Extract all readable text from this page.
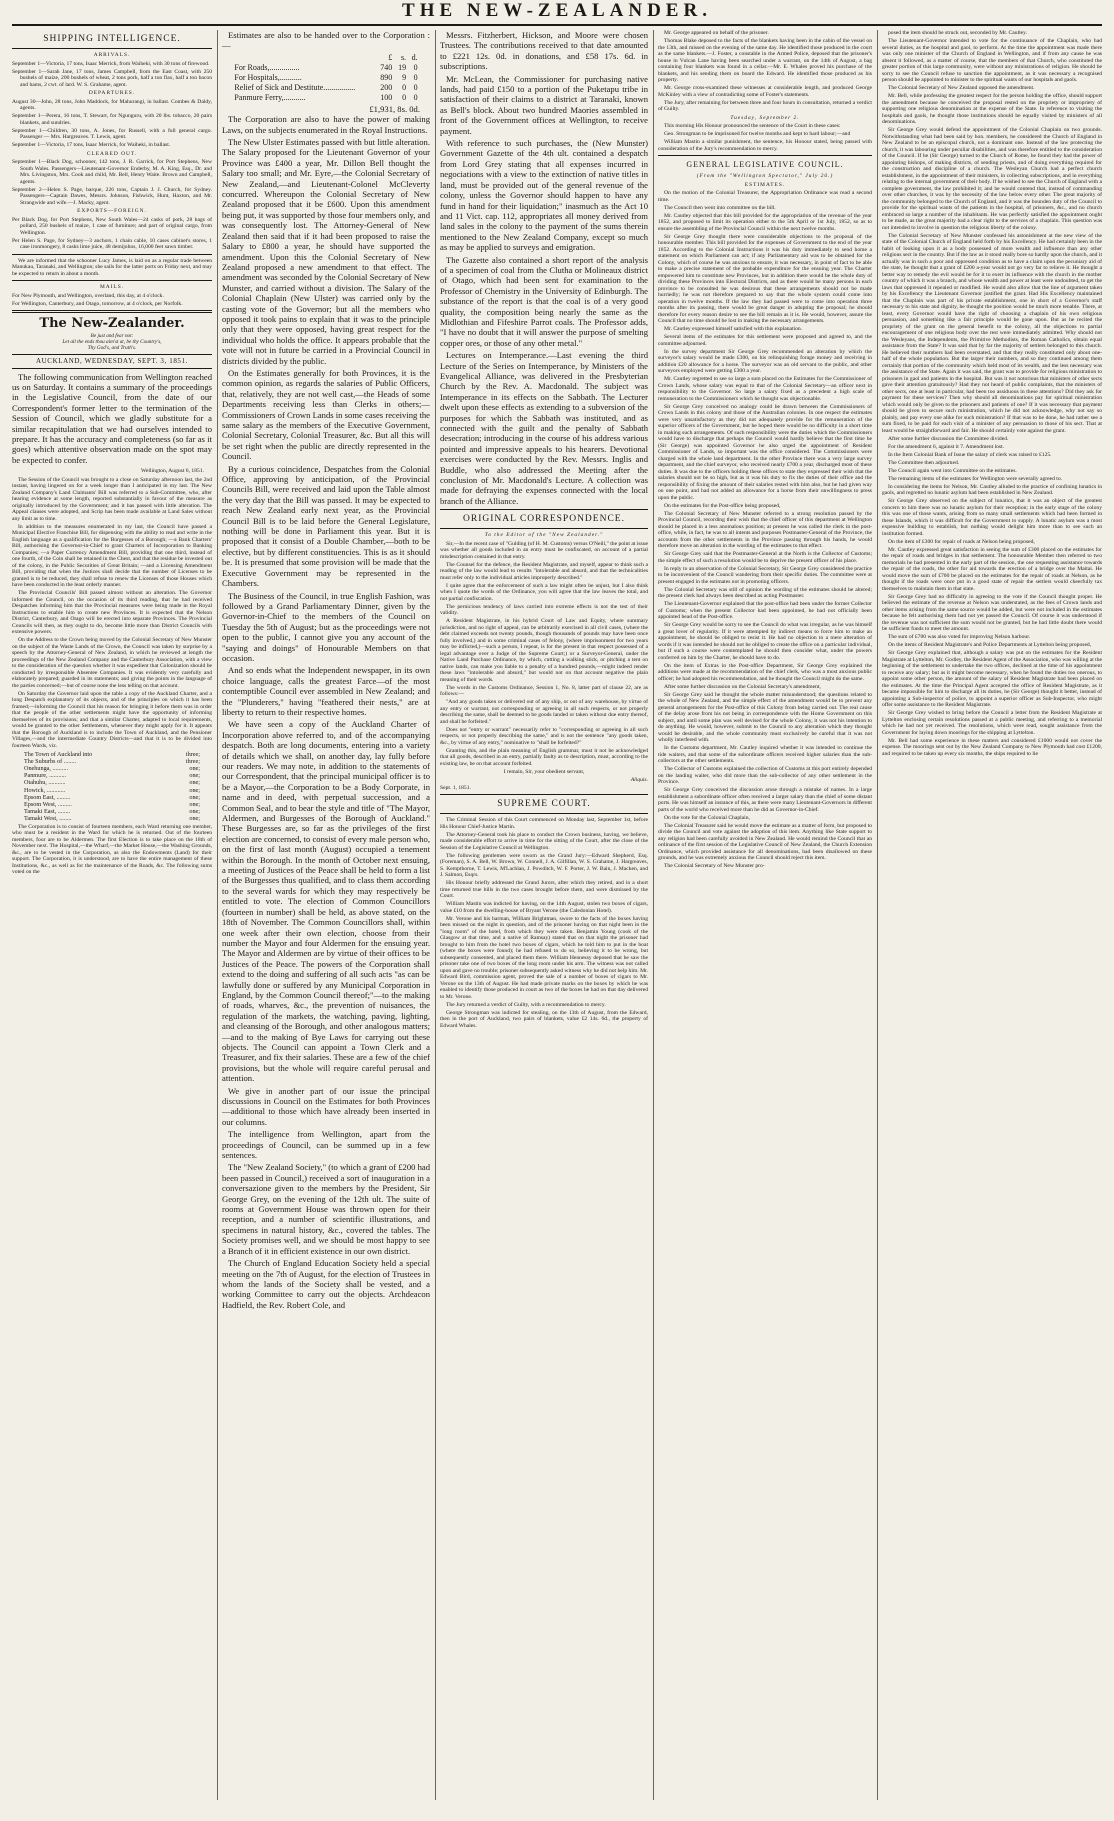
THE NEW-ZEALANDER.
SHIPPING INTELLIGENCE.
ARRIVALS.

September 1—Victoria, 17 tons, Isaac Merrick, from Waiheki, with 30 tons of firewood.

September 1—Sarah Jane, 17 tons, James Campbell, from the East Coast, with 250 bushels of maize, 200 bushels of wheat, 2 tons pork, half a ton flax, half a ton bacon and hams, 2 cwt. of lard. W. S. Grahame, agent.

DEPARTURES.

August 30—John, 28 tons, John Maddock, for Mahurangi, in ballast. Combes & Daldy, agents.

September 1—Perera, 16 tons, T. Stewart, for Ngunguru, with 20 lbs. tobacco, 20 pairs blankets, and sundries.

September 1—Children, 30 tons, A. Jones, for Russell, with a full general cargo. Passenger — Mrs. Hargreaves. T. Lewis, agent.

September 1—Victoria, 17 tons, Isaac Merrick, for Waiheki, in ballast.

CLEARED OUT.

September 1—Black Dog, schooner, 142 tons, J. R. Garrick, for Port Stephens, New South Wales. Passengers—Lieutenant-Governor Enderby, M. A. King, Esq., Dr. and Mrs. Livingston, Mrs. Cook and child, Mr. Bell, Henry Waite. Brown and Campbell, agents.

September 2—Helen S. Page, barque, 226 tons, Captain J. J. Church, for Sydney. Passengers—Captain Dawes, Messrs. Johnson, Fishwick, Hunt, Haxton, and Mr. Strangwide and wife.—J. Macky, agent.

EXPORTS—FOREIGN.

Per Black Dog, for Port Stephens, New South Wales—24 casks of pork, 28 bags of pollard, 250 bushels of maize, 1 case of furniture; and part of original cargo, from Wellington.

Per Helen S. Page, for Sydney—3 anchors, 1 chain cable, 10 cases cabinet's stores, 1 case ironmongery, 8 casks lime juice, 48 demijohns, 16,000 feet sawn timber.

We are informed that the schooner Lucy James, is laid on as a regular trade between Manukau, Taranaki, and Wellington; she sails for the latter ports on Friday next, and may be expected to return in about a month.

MAILS.

For New Plymouth, and Wellington, overland, this day, at 4 o'clock.

For Wellington, Canterbury, and Otago, tomorrow, at 4 o'clock, per Norfolk.

The New-Zealander.
Be just and fear not:
Let all the ends thou aim'st at, be thy Country's,
Thy God's, and Truth's.
AUCKLAND, WEDNESDAY, SEPT. 3, 1851.

The following communication from Wellington reached us on Saturday. It contains a summary of the proceedings in the Legislative Council, from the date of our Correspondent's former letter to the termination of the Session of Council, which we gladly substitute for a similar recapitulation that we had ourselves intended to prepare. It has the accuracy and completeness (so far as it goes) which attentive observation made on the spot may be expected to confer.

Wellington, August 6, 1851.

The Session of the Council was brought to a close on Saturday afternoon last, the 2nd instant, having lingered on for a week longer than I anticipated in my last. The New Zealand Company's Land Claimants' Bill was referred to a Sub-Committee, who, after hearing evidence at some length, reported substantially in favour of the measure as originally introduced by the Government; and it has passed with little alteration. The Appeal clauses were adopted, and Scrip has been made available at Land Sales without any limit as to time.

In addition to the measures enumerated in my last, the Council have passed a Municipal Elective Franchise Bill, for dispensing with the ability to read and write in the English language as a qualification for the Burgesses of a Borough; —a Bank Charters' Bill, authorising the Governor-in-Chief to grant Charters of Incorporation to Banking Companies; —a Paper Currency Amendment Bill, providing that one third, instead of one fourth, of the Coin shall be retained in the Chest, and that the residue be invested out of the colony, in the Public Securities of Great Britain; —and a Licensing Amendment Bill, providing that when the Justices shall decide that the number of Licenses to be granted is to be reduced, they shall refuse to renew the Licenses of those Houses which have been conducted in the least orderly manner.

The Provincial Councils' Bill passed almost without an alteration. The Governor informed the Council, on the occasion of its third reading, that he had received Despatches informing him that the Provincial measures were being made in the Royal Instructions to enable him to create new Provinces. It is expected that the Nelson District, Canterbury, and Otago will be erected into separate Provinces. The Provincial Councils will then, as they ought to do, become little more than District Councils with extensive powers.

On the Address to the Crown being moved by the Colonial Secretary of New Munster on the subject of the Waste Lands of the Crown, the Council was taken by surprise by a speech by the Attorney-General of New Zealand, in which he reviewed at length the proceedings of the New Zealand Company and the Canterbury Association, with a view to the consideration of the question whether it was expedient that Colonization should be conducted by irresponsible Absentee Companies. It was evidently very carefully and elaborately prepared; guarded in its statements; and giving the points in the language of the parties concerned;—but of course none the less telling on that account.

On Saturday the Governor laid upon the table a copy of the Auckland Charter, and a long Despatch explanatory of its objects, and of the principles on which it has been framed;—informing the Council that his reason for bringing it before them was in order that the people of the other settlements might have the opportunity of informing themselves of its provisions; and that a similar Charter, adapted to local requirements, would be granted to the other Settlements, whenever they might apply for it. It appears that the Borough of Auckland is to include the Town of Auckland, and the Pensioner Villages,—and the intermediate Country Districts—and that it is to be divided into fourteen Wards, viz.

The Town of Auckland into	three;
The Suburbs of ........	three;
Onehunga, ..........	one;
Panmure, ...........	one;
Otahuhu, ...........	one;
Howick, ............	one;
Epsom East, .........	one;
Epsom West, .........	one;
Tamaki East, ........	one;
Tamaki West, ........	one;

The Corporation is to consist of fourteen members, each Ward returning one member, who must be a resident in the Ward for which he is returned. Out of the fourteen members, four are to be Aldermen. The first Election is to take place on the 18th of November next. The Hospital,—the Wharf,—the Market House,—the Washing Grounds, &c., are to be vested in the Corporation, as also the Endowments (Land) for their support. The Corporation, it is understood, are to have the entire management of these Institutions, &c., as well as for the maintenance of the Roads, &c. The following sums voted on the

Estimates are also to be handed over to the Corporation :—

	£	s.	d.
For Roads,...............	740	19	0
For Hospitals,...........	890	9	0
Relief of Sick and Destitute................	200	0	0
Panmure Ferry,...........	100	0	0
£1,931, 8s. 0d.

The Corporation are also to have the power of making Laws, on the subjects enumerated in the Royal Instructions.

The New Ulster Estimates passed with but little alteration. The Salary proposed for the Lieutenant Governor of your Province was £400 a year, Mr. Dillon Bell thought the Salary too small; and Mr. Eyre,—the Colonial Secretary of New Zealand,—and Lieutenant-Colonel McCleverty concurred. Whereupon the Colonial Secretary of New Zealand proposed that it be £600. Upon this amendment being put, it was supported by those four members only, and was consequently lost. The Attorney-General of New Zealand then said that if it had been proposed to raise the Salary to £800 a year, he should have supported the amendment. Upon this the Colonial Secretary of New Zealand proposed a new amendment to that effect. The amendment was seconded by the Colonial Secretary of New Munster, and carried without a division. The Salary of the Colonial Chaplain (New Ulster) was carried only by the casting vote of the Governor; but all the members who opposed it took pains to explain that it was to the principle only that they were opposed, having great respect for the individual who holds the office. It appears probable that the vote will not in future be carried in a Provincial Council in districts divided by the public.

On the Estimates generally for both Provinces, it is the common opinion, as regards the salaries of Public Officers, that, relatively, they are not well cast,—the Heads of some Departments receiving less than Clerks in others;—Commissioners of Crown Lands in some cases receiving the same salary as the members of the Executive Government, Colonial Secretary, Colonial Treasurer, &c. But all this will be set right when the public are directly represented in the Council.

By a curious coincidence, Despatches from the Colonial Office, approving by anticipation, of the Provincial Councils Bill, were received and laid upon the Table almost the very day that the Bill was passed. It may be expected to reach New Zealand early next year, as the Provincial Council Bill is to be laid before the General Legislature, nothing will be done in Parliament this year. But it is proposed that it consist of a Double Chamber,—both to be elective, but by different constituencies. This is as it should be. It is presumed that some provision will be made that the Executive Government may be represented in the Chambers.

The Business of the Council, in true English Fashion, was followed by a Grand Parliamentary Dinner, given by the Governor-in-Chief to the members of the Council on Tuesday the 5th of August; but as the proceedings were not open to the public, I cannot give you any account of the "saying and doings" of Honourable Members on that occasion.

And so ends what the Independent newspaper, in its own choice language, calls the greatest Farce—of the most contemptible Council ever assembled in New Zealand; and the "Plunderers," having "feathered their nests," are at liberty to return to their respective homes.

We have seen a copy of the Auckland Charter of Incorporation above referred to, and of the accompanying despatch. Both are long documents, entering into a variety of details which we shall, on another day, lay fully before our readers. We may note, in addition to the statements of our Correspondent, that the principal municipal officer is to be a Mayor,—the Corporation to be a Body Corporate, in name and in deed, with perpetual succession, and a Common Seal, and to bear the style and title of "The Mayor, Aldermen, and Burgesses of the Borough of Auckland." These Burgesses are, so far as the privileges of the first election are concerned, to consist of every male person who, on the first of last month (August) occupied a tenement within the Borough. In the month of October next ensuing, a meeting of Justices of the Peace shall be held to form a list of the Burgesses thus qualified, and to class them according to the several wards for which they may respectively be entitled to vote. The election of Common Councillors (fourteen in number) shall be held, as above stated, on the 18th of November. The Common Councillors shall, within one week after their own election, choose from their number the Mayor and four Aldermen for the ensuing year. The Mayor and Aldermen are by virtue of their offices to be Justices of the Peace. The powers of the Corporation shall extend to the doing and suffering of all such acts "as can be lawfully done or suffered by any Municipal Corporation in England, by the Common Council thereof;"—to the making of roads, wharves, &c., the prevention of nuisances, the regulation of the markets, the watching, paving, lighting, and cleansing of the Borough, and other analogous matters;—and to the making of Bye Laws for carrying out these objects. The Council can appoint a Town Clerk and a Treasurer, and fix their salaries. These are a few of the chief provisions, but the whole will require careful perusal and attention.

We give in another part of our issue the principal discussions in Council on the Estimates for both Provinces—additional to those which have already been inserted in our columns.

The intelligence from Wellington, apart from the proceedings of Council, can be summed up in a few sentences.

The "New Zealand Society," (to which a grant of £200 had been passed in Council,) received a sort of inauguration in a conversazione given to the members by the President, Sir George Grey, on the evening of the 12th ult. The suite of rooms at Government House was thrown open for their reception, and a number of scientific illustrations, and specimens in natural history, &c., covered the tables. The Society promises well, and we should be most happy to see a Branch of it in efficient existence in our own district.

The Church of England Education Society held a special meeting on the 7th of August, for the election of Trustees in whom the lands of the Society shall be vested, and a working Committee to carry out the objects. Archdeacon Hadfield, the Rev. Robert Cole, and

Messrs. Fitzherbert, Hickson, and Moore were chosen Trustees. The contributions received to that date amounted to £221 12s. 0d. in donations, and £58 17s. 6d. in subscriptions.

Mr. McLean, the Commissioner for purchasing native lands, had paid £150 to a portion of the Puketapu tribe in satisfaction of their claims to a district at Taranaki, known as Bell's block. About two hundred Maories assembled in front of the Government offices at Wellington, to receive payment.

With reference to such purchases, the (New Munster) Government Gazette of the 4th ult. contained a despatch from Lord Grey stating that all expenses incurred in negociations with a view to the extinction of native titles in land, must be provided out of the general revenue of the colony, unless the Governor should happen to have any fund in hand for their liquidation;" inasmuch as the Act 10 and 11 Vict. cap. 112, appropriates all money derived from land sales in the colony to the payment of the sums therein mentioned to the New Zealand Company, except so much as may be applied to surveys and emigration.

The Gazette also contained a short report of the analysis of a specimen of coal from the Clutha or Molineaux district of Otago, which had been sent for examination to the Professor of Chemistry in the University of Edinburgh. The substance of the report is that the coal is of a very good quality, the composition being nearly the same as the Midlothian and Fifeshire Parrot coals. The Professor adds, "I have no doubt that it will answer the purpose of smelting copper ores, or those of any other metal."

Lectures on Intemperance.—Last evening the third Lecture of the Series on Intemperance, by Ministers of the Evangelical Alliance, was delivered in the Presbyterian Church by the Rev. A. Macdonald. The subject was Intemperance in its effects on the Sabbath. The Lecturer dwelt upon these effects as extending to a subversion of the purposes for which the Sabbath was instituted, and as connected with the guilt and the penalty of Sabbath desecration; introducing in the course of his address various pointed and impressive appeals to his hearers. Devotional exercises were conducted by the Rev. Messrs. Inglis and Buddle, who also addressed the Meeting after the conclusion of Mr. Macdonald's Lecture. A collection was made for defraying the expenses connected with the local branch of the Alliance.

ORIGINAL CORRESPONDENCE.
To the Editor of the "New Zealander."

Sir,—In the recent case of "Gulding (of H. M. Customs) versus O'Neill," the point at issue was whether all goods included in an entry must be confiscated, on account of a partial misdescription contained in that entry.

The Counsel for the defence, the Resident Magistrate, and myself, appear to think such a reading of the law would lead to results "intolerable and absurd, and that the technicalities must refer only to the individual articles improperly described."

I quite agree that the enforcement of such a law might often be unjust, but I also think when I quote the words of the Ordinance, you will agree that the law leaves the total, and not partial confiscation.

The pernicious tendency of laws carried into extreme effects is not the test of their validity.

A Resident Magistrate, in his hybrid Court of Law and Equity, where summary jurisdiction, and no right of appeal, can be arbitrarily exercised in all civil cases, (where the debt claimed exceeds not twenty pounds, though thousands of pounds may have been once fully involved,) and in some criminal cases of felony, (where imprisonment for two years may be inflicted,)—such a person, I repeat, is for the present in that respect possessed of a legal advantage over a Judge of the Supreme Court;) or a Surveyor-General, under the Native Land Purchase Ordinance, by which, cutting a walking stick, or pitching a tent on native lands, can make you liable to a penalty of a hundred pounds,—might indeed render these laws "intolerable and absurd," but would not on that account negative the plain meaning of their words.

The words in the Customs Ordinance, Session 1, No. 8, latter part of clause 22, are as follows:—

"And any goods taken or delivered out of any ship, or out of any warehouse, by virtue of any entry or warrant, not corresponding or agreeing in all such respects, or not properly describing the same, shall be deemed to be goods landed or taken without due entry thereof, and shall be forfeited."

Does not "entry or warrant" necessarily refer to "corresponding or agreeing in all such respects, or not properly describing the same," and is not the sentence "any goods taken, &c., by virtue of any entry," nominative to "shall be forfeited?"

Granting this, and the plain meaning of English grammar, must it not be acknowledged that all goods, described in an entry, partially faulty as to description, must, according to the existing law, be on that account forfeited.

I remain, Sir, your obedient servant,

Aliquis.

Sept. 1, 1851.

SUPREME COURT.

The Criminal Session of this Court commenced on Monday last, September 1st, before His Honour Chief-Justice Martin.

The Attorney-General took his place to conduct the Crown business, having, we believe, made considerable effort to arrive in time for the sitting of the Court, after the close of the Session of the Legislative Council at Wellington.

The following gentlemen were sworn as the Grand Jury:—Edward Shepherd, Esq. (Foreman), S. A. Bell, W. Brown, W. Connell, J. A. Gilfillan, W. S. Grahame, J. Hargreaves, S. Kempthorne, T. Lewis, M'Lachlan, J. Powditch, W. F. Porter, J. W. Bain, J. Macken, and J. Salmon, Esqrs.

His Honour briefly addressed the Grand Jurors, after which they retired, and in a short time returned true bills in the two cases brought before them, and were dismissed by the Court.

William Mastin was indicted for having, on the 14th August, stolen two boxes of cigars, value £10 from the dwelling-house of Bryant Verone (the Caledonian Hotel).

Mr. Verone and his barman, William Brightman, swore to the facts of the boxes having been missed on the night in question, and of the prisoner having on that night been in the "long room" of the hotel, from which they were taken. Benjamin Young (cook of the Glasgow at that time, and a native of Ramsay) stated that on that night the prisoner had brought to him from the hotel two boxes of cigars, which he told him to put in the boat (where the boxes were found); he had refused to do so, believing it to be wrong, but subsequently consented, and placed them there. William Hennessy deposed that he saw the prisoner take one of two boxes of the long room under his arm. The witness was not called upon and gave no trouble; prisoner subsequently asked witness why he did not help him. Mr. Edward Bird, commission agent, proved the sale of a number of boxes of cigars to Mr. Verone on the 13th of August. He had made private marks on the boxes by which he was enabled to identify those produced in court as two of the boxes he had on that day delivered to Mr. Verone.

The Jury returned a verdict of Guilty, with a recommendation to mercy.

George Strongman was indicted for stealing, on the 13th of August, from the Edward, then in the port of Auckland, two pairs of blankets, value £2 14s. 6d., the property of Edward Whales.

Mr. George appeared on behalf of the prisoner.

Thomas Blake deposed to the facts of the blankets having been in the cabin of the vessel on the 13th, and missed on the evening of the same day. He identified those produced in the court as the same blankets.—J. Foster, a constable in the Armed Police, deposed that the prisoner's house in Vulcan Lane having been searched under a warrant, on the 14th of August, a bag containing four blankets was found in a cellar.—Mr. E. Whales proved his purchase of the blankets, and his sending them on board the Edward. He identified those produced as his property.

Mr. George cross-examined these witnesses at considerable length, and produced George McKinley with a view of contradicting some of Foster's statements.

The Jury, after remaining for between three and four hours in consultation, returned a verdict of Guilty.

Tuesday, September 2.

This morning His Honour pronounced the sentence of the Court in these cases:

Geo. Strongman to be imprisoned for twelve months and kept to hard labour;—and

William Mastin a similar punishment, the sentence, his Honour stated, being passed with consideration of the Jury's recommendation to mercy.

GENERAL LEGISLATIVE COUNCIL.
(From the "Wellington Spectator," July 26.)
ESTIMATES.

On the motion of the Colonial Treasurer, the Appropriation Ordinance was read a second time.

The Council then went into committee on the bill.

Mr. Cautley objected that this bill provided for the appropriation of the revenue of the year 1852, and proposed to limit its operation either to the 5th April or 1st July, 1852, so as to ensure the assembling of the Provincial Council within the next twelve months.

Sir George Grey thought there were considerable objections to the proposal of the honourable member. This bill provided for the expenses of Government to the end of the year 1852. According to the Colonial Instructions it was his duty immediately to send home a statement on which Parliament can act; if any Parliamentary aid was to be obtained for the Colony, which of course he was anxious to ensure, it was necessary, in point of fact to be able to make a precise statement of the probable expenditure for the ensuing year. The Charter empowered him to constitute new Provinces, but in addition there would be the whole duty of dividing these Provinces into Electoral Districts, and as there would be many persons in each province to be consulted he was desirous that these arrangements should not be made hurriedly; he was not therefore prepared to say that the whole system could come into operation in twelve months. If the law they had passed were to come into operation three months after its passing, there would be great danger in adopting the proposal; he should therefore for every reason desire to see the bill remain as it is. He would, however, assure the Council that no time should be lost in making the necessary arrangements.

Mr. Cautley expressed himself satisfied with this explanation.

Several items of the estimates for this settlement were proposed and agreed to, and the committee adjourned.

In the survey department Sir George Grey recommended an alteration by which the surveyor's salary would be made £300, on his relinquishing forage money and receiving in addition £20 allowance for a horse. The surveyor was an old servant to the public, and other surveyors employed were getting £300 a year.

Mr. Cautley regretted to see so large a sum placed on the Estimates for the Commissioner of Crown Lands, whose salary was equal to that of the Colonial Secretary—an officer next in responsibility to the Governor. So large a salary fixed as a precedent a high scale of remuneration to the Commissioners which he thought was objectionable.

Sir George Grey conceived no analogy could be drawn between the Commissioners of Crown Lands in this colony and those of the Australian colonies. In one respect the estimates were very unsatisfactory as they did not adequately provide for the remuneration of the superior officers of the Government, but he hoped there would be no difficulty in a short time in making such arrangements. Of such responsibility were the duties which the Commissioners would have to discharge that perhaps the Council would hardly believe that the first time he (Sir George) was appointed Governor he also urged the appointment of Resident Commissioner of Lands, so important was the office considered. The Commissioners were charged with the whole land department. In the other Province there was a very large survey department, and the chief surveyor, who received nearly £700 a year, discharged most of these duties. It was due to the officers holding these offices to state they expressed their wish that the salaries should not be so high, but as it was his duty to fix the duties of their office and the responsibility of fixing the amount of their salaries rested with him also, but he had given way on one point, and had not added an allowance for a horse from their unwillingness to press upon the public.

On the estimates for the Post-office being proposed,

The Colonial Secretary of New Munster referred to a strong resolution passed by the Provincial Council, recording their wish that the chief officer of this department at Wellington should be placed in a less anomalous position; at present he was called the clerk in the post-office, while, in fact, he was to all intents and purposes Postmaster-General of the Province, the accounts from the other settlements in the Province passing through his hands, he would therefore move an alteration in the wording of the estimates to that effect.

Sir George Grey said that the Postmaster-General at the North is the Collector of Customs; the simple effect of such a resolution would be to deprive the present officer of his place.

In reply to an observation of the Colonial Secretary, Sir George Grey considered the practice to be inconvenient of the Council wandering from their specific duties. The committee were at present engaged in the estimates not in promoting officers.

The Colonial Secretary was still of opinion the wording of the estimates should be altered; the present clerk had always been described as acting Postmaster.

The Lieutenant-Governor explained that the post-office had been under the former Collector of Customs; when the present Collector had been appointed, he had not officially been appointed head of the Post-office.

Sir George Grey would be sorry to see the Council do what was irregular, as he was himself a great lover of regularity. If it were attempted by indirect means to force him to make an appointment, he should be obliged to resist it. He had no objection to a mere alteration of words if it was intended he should not be obliged to create the office on a particular individual, but if such a course were contemplated he should then consider what, under the powers conferred on him by the Charter, he should have to do.

On the item of Extras in the Post-office Department, Sir George Grey explained the additions were made at the recommendation of the chief clerk, who was a most anxious public officer; he had adopted his recommendation, and he thought the Council might do the same.

After some further discussion on the Colonial Secretary's amendment,

Sir George Grey said he thought the whole matter misunderstood; the questions related to the whole of New Zealand, and the simple effect of the amendment would be to prevent any general arrangements for the Post-office of this Colony from being carried out. The real cause of the delay arose from his not being in correspondence with the Home Government on this subject, and until some plan was well devised for the whole Colony, it was not his intention to do anything. He would, however, submit to the Council to any alteration which they thought would be desirable, and the whole community must exclusively be careful that it was not wholly interfered with.

In the Customs department, Mr. Cautley inquired whether it was intended to continue the tide waiters, and that some of the subordinate officers received higher salaries than the sub-collectors at the other settlements.

The Collector of Customs explained the collection of Customs at this port entirely depended on the landing waiter, who did more than the sub-collector of any other settlement in the Province.

Sir George Grey conceived the discussion arose through a mistake of names. In a large establishment a subordinate officer often received a larger salary than the chief of some distant ports. He was himself an instance of this, as there were many Lieutenant-Governors in different parts of the world who received more than he did as Governor-in-Chief.

On the vote for the Colonial Chaplain,

The Colonial Treasurer said he would move the estimate as a matter of form, but proposed to divide the Council and vote against the adoption of this item. Anything like State support to any religion had been carefully avoided in New Zealand. He would remind the Council that an ordinance of the first session of the Legislative Council of New Zealand, the Church Extension Ordinance, which provided assistance for all denominations, had been disallowed on these grounds, and he was extremely anxious the Council should reject this item.

The Colonial Secretary of New Munster pro-

posed the item should be struck out, seconded by Mr. Cautley.

The Lieutenant-Governor intended to vote for the continuance of the Chaplain, who had several duties, as the hospital and gaol, to perform. At the time the appointment was made there was only one minister of the Church of England in Wellington, and if from any cause he was absent it followed, as a matter of course, that the members of that Church, who constituted the greater portion of this large community, were without any ministrations of religion. He should be sorry to see the Council refuse to sanction the appointment, as it was necessary a recognised person should be appointed to minister to the spiritual wants of our hospitals and gaols.

The Colonial Secretary of New Zealand opposed the amendment.

Mr. Bell, while professing the greatest respect for the person holding the office, should support the amendment because he conceived the proposal rested on the propriety or impropriety of supporting one religious denomination at the expense of the State. In reference to visiting the hospitals and gaols, he thought those institutions should be equally visited by ministers of all denominations.

Sir George Grey would defend the appointment of the Colonial Chaplain on two grounds. Notwithstanding what had been said by hon. members, he considered the Church of England in New Zealand to be an episcopal church, not a dominant one. Instead of the law protecting the church, it was labouring under peculiar disabilities, and was therefore entitled to the consideration of the Council. If he (Sir George) turned to the Church of Rome, he found they had the power of appointing bishops, of making districts, of sending priests, and of doing everything required for the construction and discipline of a church. The Wesleyan Church had a perfect church establishment, in the appointment of their ministers, in collecting subscriptions, and in everything relating to the internal government of their body. If he wished to see the Church of England with a complete government, the law prohibited it; and he would contend that, instead of commanding over other churches, it was by the necessity of the law below every other. The great majority of the community belonged to the Church of England, and it was the bounden duty of the Council to provide for the spiritual wants of the patients in the hospital, of prisoners, &c., and no church embraced so large a number of the inhabitants. He was perfectly satisfied the appointment ought to be made, as the great majority had a clear right to the services of a chaplain. This question was not intended to involve in question the religious liberty of the colony.

The Colonial Secretary of New Munster confessed his astonishment at the new view of the state of the Colonial Church of England held forth by his Excellency. He had certainly been in the habit of looking upon it as a body possessed of more wealth and influence than any other religious sect in the country. But if the law as it stood really bore so hardly upon the church, and it actually was in such a poor and oppressed condition as to have a claim upon the pecuniary aid of the state, he thought that a grant of £200 a-year would not go very far to relieve it. He thought a better way to remedy the evil would be for it to exert its influence with the church in the mother country of which it was a branch, and whose wealth and power at least were undoubted, to get the laws that oppressed it repealed or modified. He would also allow that the line of argument taken by his Excellency the Lieutenant Governor justified the grant. Had His Excellency maintained that the Chaplain was part of his private establishment, one in short of a Governor's staff necessary to his state and dignity, he thought the position would be much more tenable. There, at least, every Governor would have the right of choosing a chaplain of his own religious persuasion, and something like a fair principle would be gone upon. But as he recited the propriety of the grant on the general benefit to the colony, all the objections to partial encouragement of one religious body over the rest were immediately admitted. Why should not the Wesleyans, the Independents, the Primitive Methodists, the Roman Catholics, obtain equal assistance from the State? It was said that by far the majority of settlers belonged to this church. He believed their numbers had been overstated, and that they really constituted only about one-half of the whole population. But the larger their numbers, and so they continued among them certainly that portion of the community which held most of its wealth, and the less necessary was the assistance of the State. Again it was said, the grant was to provide for religious ministration to prisoners in gaol and patients in the hospital. But was it not notorious that ministers of other sects gave their attention gratuitously? Had they not heard of public complaints, that the ministers of other sects, one at least in particular, had been too assiduous in these attentions? Did they ask for payment for these services? Then why should all denominations pay for spiritual ministration which would only be given to the prisoners and patients of one? If it was necessary that payment should be given to secure such ministration, which he did not acknowledge, why not say so plainly, and pay every one alike for such ministration? If that was to be done, he had rather see a sum fixed, to be paid for each visit of a minister of any persuasion to those of his sect. That at least would be straightforward and fair. He should certainly vote against the grant.

After some further discussion the Committee divided.

For the amendment 6, against it 7. Amendment lost.

In the Item Colonial Bank of Issue the salary of clerk was raised to £125.

The Committee then adjourned.

The Council again went into Committee on the estimates.

The remaining items of the estimates for Wellington were severally agreed to.

In considering the items for Nelson, Mr. Cautley alluded to the practice of confining lunatics in gaols, and regretted no lunatic asylum had been established in New Zealand.

Sir George Grey observed on the subject of lunatics, that it was an object of the greatest concern to him there was no lunatic asylum for their reception; in the early stage of the colony this was one of those wants, arising from so many small settlements which had been formed in these Islands, which it was difficult for the Government to supply. A lunatic asylum was a most expensive building to establish, but nothing would delight him more than to see such an institution formed.

On the item of £300 for repair of roads at Nelson being proposed,

Mr. Cautley expressed great satisfaction in seeing the sum of £300 placed on the estimates for the repair of roads and bridges in that settlement. The honourable Member then referred to two memorials he had presented in the early part of the session, the one requesting assistance towards the repair of the roads, the other for aid towards the erection of a bridge over the Maitai. He would move the sum of £700 be placed on the estimates for the repair of roads at Nelson, as he thought if the roads were once put in a good state of repair the settlers would cheerfully tax themselves to maintain them in that state.

Sir George Grey had no difficulty in agreeing to the vote if the Council thought proper. He believed the estimate of the revenue at Nelson was understated, as the fees of Crown lands and other items arising from the same source would be added, but were not included in the estimates because he felt authorising them had not yet passed the Council. Of course it was understood if the revenue was not sufficient the sum would not be granted, but he had little doubt there would be sufficient funds to meet the amount.

The sum of £700 was also voted for improving Nelson harbour.

On the items of Resident Magistrate's and Police Departments at Lyttelton being proposed,

Sir George Grey explained that, although a salary was put on the estimates for the Resident Magistrate at Lyttelton, Mr. Godley, the Resident Agent of the Association, who was willing at the beginning of the settlement to undertake the two offices, declined at the time of his appointment to receive any salary; but as it might become necessary, when he found the duties too onerous, to appoint some other person, the amount of the salary of Resident Magistrate had been placed on the estimates. At the time the Principal Agent accepted the office of Resident Magistrate, as it became impossible for him to discharge all its duties, he (Sir George) thought it better, instead of appointing a Sub-inspector of police, to appoint a superior officer as Sub-Inspector, who might offer some assistance to the Resident Magistrate.

Sir George Grey wished to bring before the Council a letter from the Resident Magistrate at Lyttelton enclosing certain resolutions passed at a public meeting, and referring to a memorial which he had not yet received. The resolutions, which were read, sought assistance from the Government for laying down moorings for the shipping at Lyttelton.

Mr. Bell had some experience in these matters and considered £1000 would not cover the expense. The moorings sent out by the New Zealand Company to New Plymouth had cost £1200, and required to be taken up every six months, the ships required to lie
